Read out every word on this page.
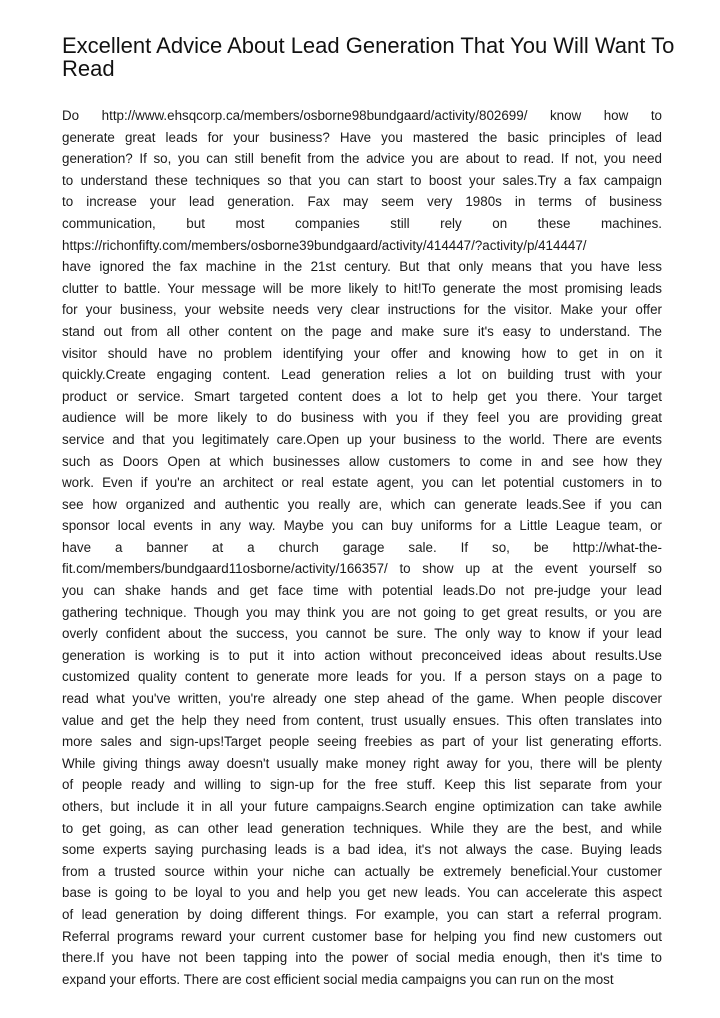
Excellent Advice About Lead Generation That You Will Want To Read
Do http://www.ehsqcorp.ca/members/osborne98bundgaard/activity/802699/ know how to
generate great leads for your business? Have you mastered the basic principles of lead
generation? If so, you can still benefit from the advice you are about to read. If not, you need
to understand these techniques so that you can start to boost your sales.Try a fax campaign
to increase your lead generation. Fax may seem very 1980s in terms of business
communication, but most companies still rely on these machines.
https://richonfifty.com/members/osborne39bundgaard/activity/414447/?activity/p/414447/
have ignored the fax machine in the 21st century. But that only means that you have less
clutter to battle. Your message will be more likely to hit!To generate the most promising leads
for your business, your website needs very clear instructions for the visitor. Make your offer
stand out from all other content on the page and make sure it's easy to understand. The
visitor should have no problem identifying your offer and knowing how to get in on it
quickly.Create engaging content. Lead generation relies a lot on building trust with your
product or service. Smart targeted content does a lot to help get you there. Your target
audience will be more likely to do business with you if they feel you are providing great
service and that you legitimately care.Open up your business to the world. There are events
such as Doors Open at which businesses allow customers to come in and see how they
work. Even if you're an architect or real estate agent, you can let potential customers in to
see how organized and authentic you really are, which can generate leads.See if you can
sponsor local events in any way. Maybe you can buy uniforms for a Little League team, or
have a banner at a church garage sale. If so, be http://what-the-
fit.com/members/bundgaard11osborne/activity/166357/ to show up at the event yourself so
you can shake hands and get face time with potential leads.Do not pre-judge your lead
gathering technique. Though you may think you are not going to get great results, or you are
overly confident about the success, you cannot be sure. The only way to know if your lead
generation is working is to put it into action without preconceived ideas about results.Use
customized quality content to generate more leads for you. If a person stays on a page to
read what you've written, you're already one step ahead of the game. When people discover
value and get the help they need from content, trust usually ensues. This often translates into
more sales and sign-ups!Target people seeing freebies as part of your list generating efforts.
While giving things away doesn't usually make money right away for you, there will be plenty
of people ready and willing to sign-up for the free stuff. Keep this list separate from your
others, but include it in all your future campaigns.Search engine optimization can take awhile
to get going, as can other lead generation techniques. While they are the best, and while
some experts saying purchasing leads is a bad idea, it's not always the case. Buying leads
from a trusted source within your niche can actually be extremely beneficial.Your customer
base is going to be loyal to you and help you get new leads. You can accelerate this aspect
of lead generation by doing different things. For example, you can start a referral program.
Referral programs reward your current customer base for helping you find new customers out
there.If you have not been tapping into the power of social media enough, then it's time to
expand your efforts. There are cost efficient social media campaigns you can run on the most
